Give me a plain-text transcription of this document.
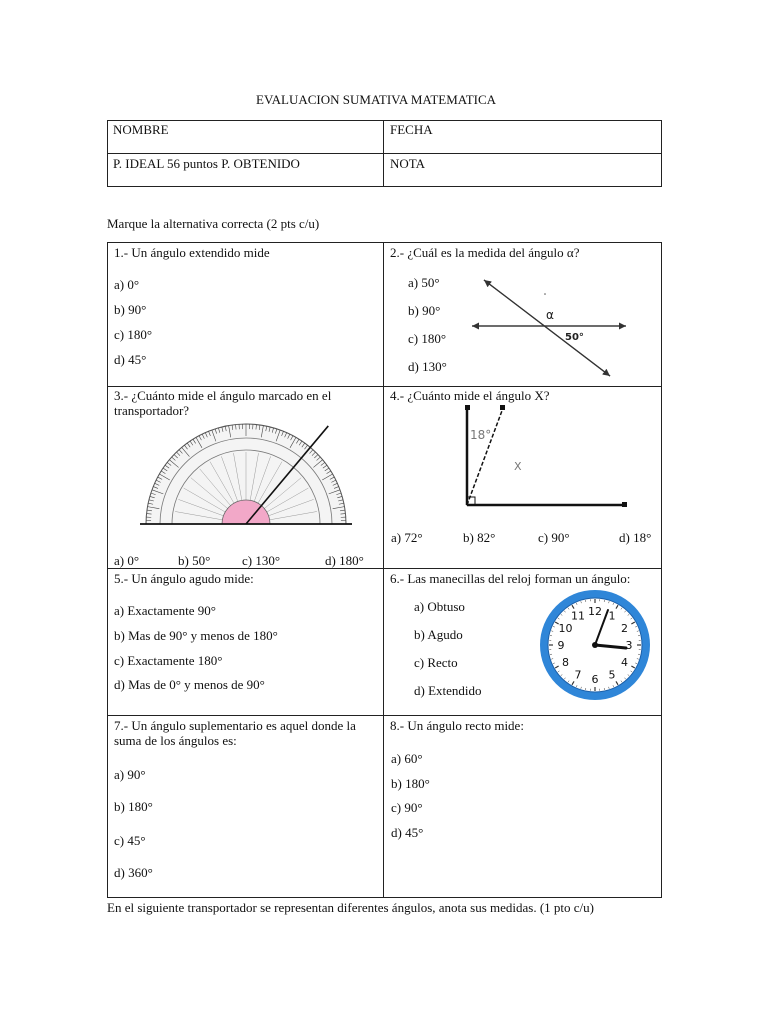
EVALUACION SUMATIVA MATEMATICA
NOMBRE	FECHA
P. IDEAL 56 puntos P. OBTENIDO	NOTA
Marque la alternativa correcta (2 pts c/u)
1.- Un ángulo extendido mide
a) 0°
b) 90°
c) 180°
d) 45°
2.- ¿Cuál es la medida del ángulo α?
a) 50°
b) 90°
c) 180°
d) 130°
α
50°
3.- ¿Cuánto mide el ángulo marcado en el transportador?
a) 0°	b) 50° c) 130°	d) 180°
4.- ¿Cuánto mide el ángulo X?
18°
X
a) 72°	b) 82°	c) 90°	d) 18°
5.- Un ángulo agudo mide:
a) Exactamente 90°
b) Mas de 90° y menos de 180°
c) Exactamente 180°
d) Mas de 0° y menos de 90°
6.- Las manecillas del reloj forman un ángulo:
a) Obtuso
b) Agudo
c) Recto
d) Extendido
12 1
2
3
4
5
6
7
8
9
10
11
7.- Un ángulo suplementario es aquel donde la suma de los ángulos es:
a) 90°
b) 180°
c) 45°
d) 360°
8.- Un ángulo recto mide:
a) 60°
b) 180°
c) 90°
d) 45°
En el siguiente transportador se representan diferentes ángulos, anota sus medidas. (1 pto c/u)
